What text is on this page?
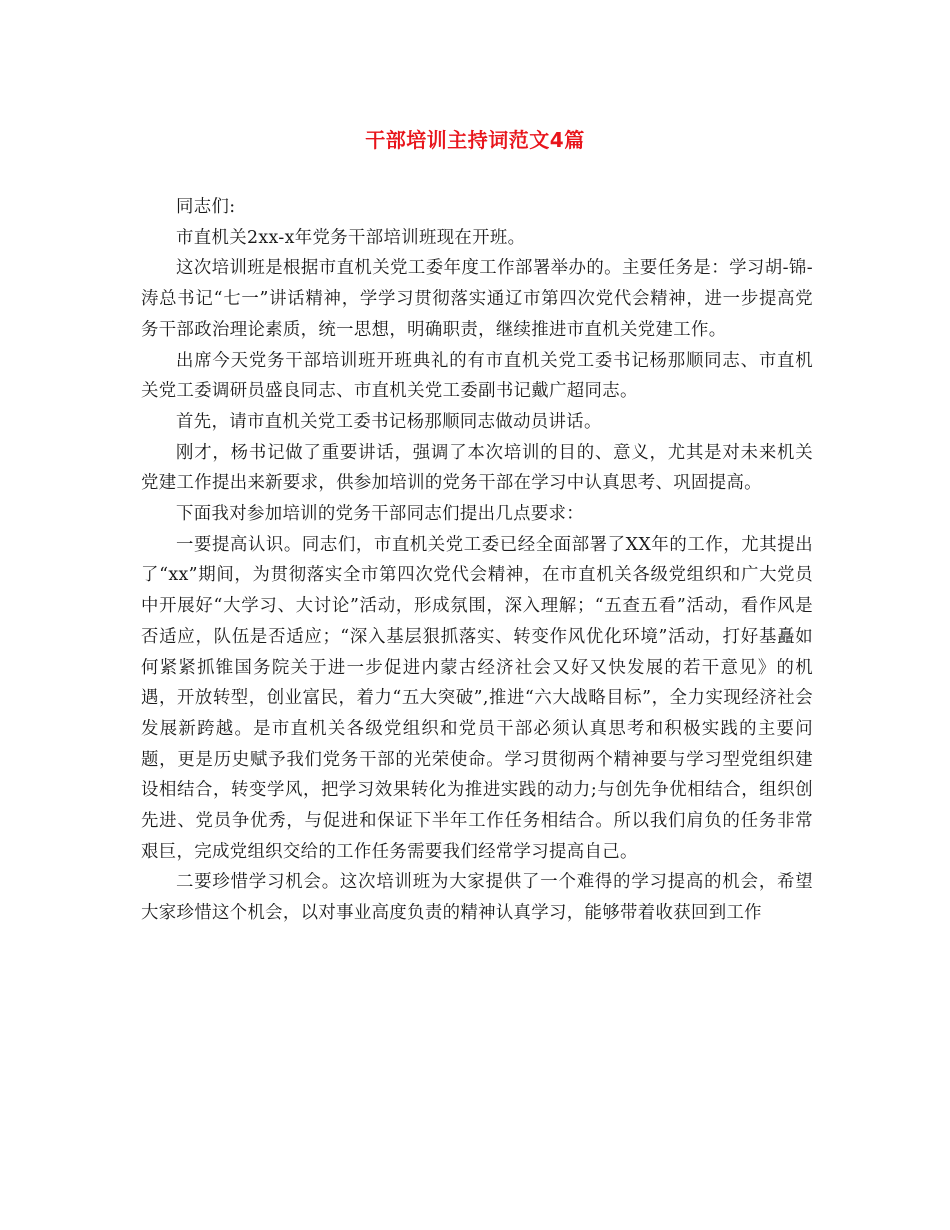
干部培训主持词范文4篇

同志们:

市直机关2xx-x年党务干部培训班现在开班。

这次培训班是根据市直机关党工委年度工作部署举办的。主要任务是：学习胡-锦-涛总书记“七一”讲话精神，学学习贯彻落实通辽市第四次党代会精神，进一步提高党务干部政治理论素质，统一思想，明确职责，继续推进市直机关党建工作。

出席今天党务干部培训班开班典礼的有市直机关党工委书记杨那顺同志、市直机关党工委调研员盛良同志、市直机关党工委副书记戴广超同志。

首先，请市直机关党工委书记杨那顺同志做动员讲话。

刚才，杨书记做了重要讲话，强调了本次培训的目的、意义，尤其是对未来机关党建工作提出来新要求，供参加培训的党务干部在学习中认真思考、巩固提高。

下面我对参加培训的党务干部同志们提出几点要求：

一要提高认识。同志们，市直机关党工委已经全面部署了XX年的工作，尤其提出了“xx”期间，为贯彻落实全市第四次党代会精神，在市直机关各级党组织和广大党员中开展好“大学习、大讨论”活动，形成氛围，深入理解；“五查五看”活动，看作风是否适应，队伍是否适应；“深入基层狠抓落实、转变作风优化环境”活动，打好基矗如何紧紧抓锥国务院关于进一步促进内蒙古经济社会又好又快发展的若干意见》的机遇，开放转型，创业富民，着力“五大突破”,推进“六大战略目标”，全力实现经济社会发展新跨越。是市直机关各级党组织和党员干部必须认真思考和积极实践的主要问题，更是历史赋予我们党务干部的光荣使命。学习贯彻两个精神要与学习型党组织建设相结合，转变学风，把学习效果转化为推进实践的动力;与创先争优相结合，组织创先进、党员争优秀，与促进和保证下半年工作任务相结合。所以我们肩负的任务非常艰巨，完成党组织交给的工作任务需要我们经常学习提高自己。

二要珍惜学习机会。这次培训班为大家提供了一个难得的学习提高的机会，希望大家珍惜这个机会，以对事业高度负责的精神认真学习，能够带着收获回到工作
